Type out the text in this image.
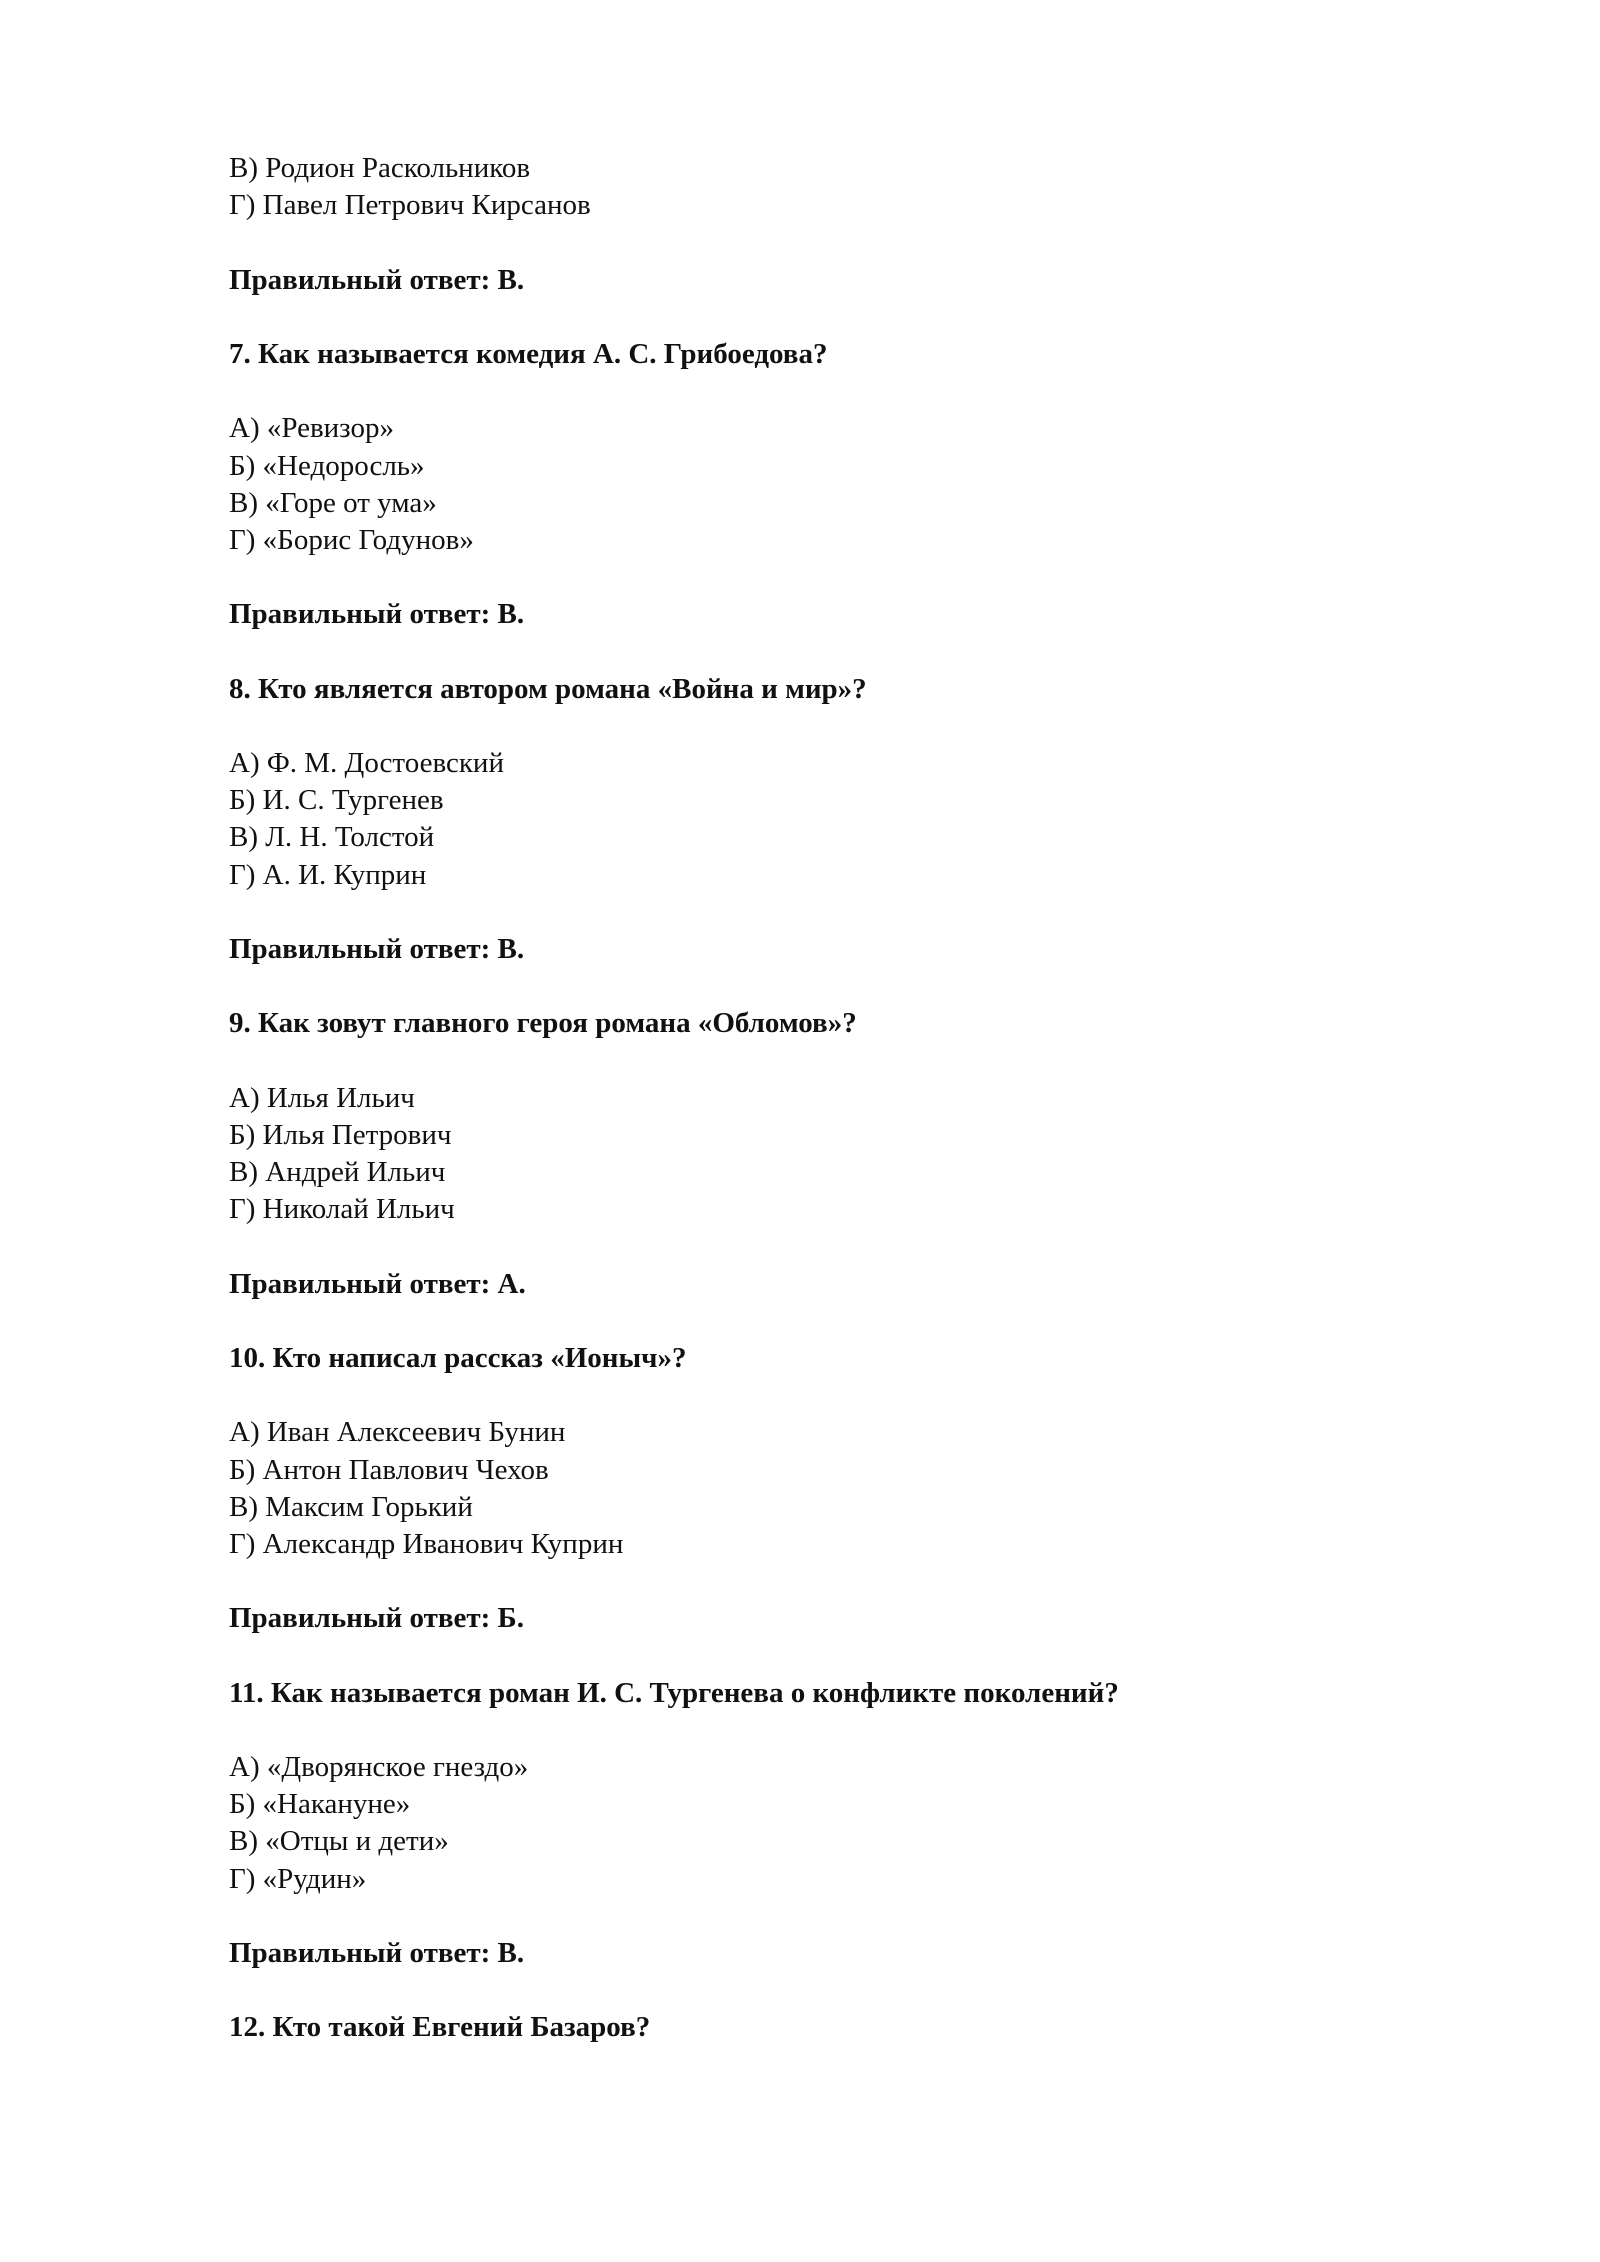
В) Родион Раскольников
Г) Павел Петрович Кирсанов
Правильный ответ: В.
7. Как называется комедия А. С. Грибоедова?
А) «Ревизор»
Б) «Недоросль»
В) «Горе от ума»
Г) «Борис Годунов»
Правильный ответ: В.
8. Кто является автором романа «Война и мир»?
А) Ф. М. Достоевский
Б) И. С. Тургенев
В) Л. Н. Толстой
Г) А. И. Куприн
Правильный ответ: В.
9. Как зовут главного героя романа «Обломов»?
А) Илья Ильич
Б) Илья Петрович
В) Андрей Ильич
Г) Николай Ильич
Правильный ответ: А.
10. Кто написал рассказ «Ионыч»?
А) Иван Алексеевич Бунин
Б) Антон Павлович Чехов
В) Максим Горький
Г) Александр Иванович Куприн
Правильный ответ: Б.
11. Как называется роман И. С. Тургенева о конфликте поколений?
А) «Дворянское гнездо»
Б) «Накануне»
В) «Отцы и дети»
Г) «Рудин»
Правильный ответ: В.
12. Кто такой Евгений Базаров?
